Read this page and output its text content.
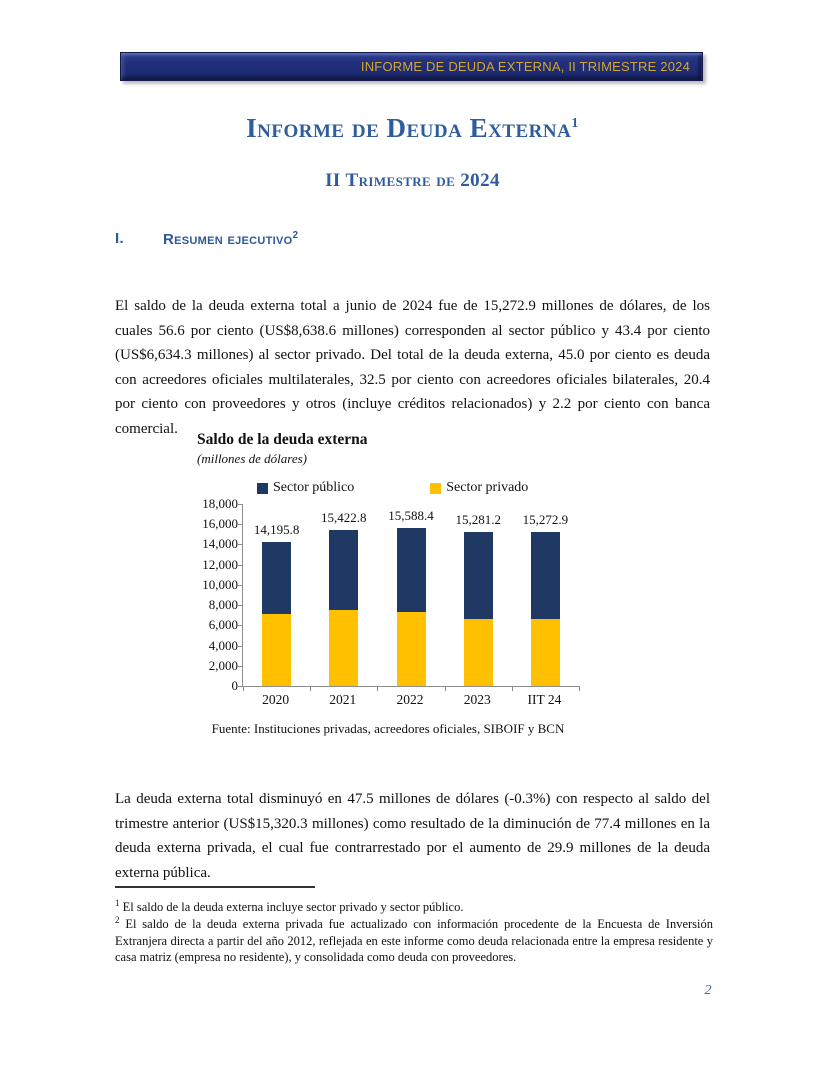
INFORME DE DEUDA EXTERNA, II TRIMESTRE 2024
Informe de Deuda Externa$^1$
II Trimestre de 2024
I.	Resumen ejecutivo$^2$

El saldo de la deuda externa total a junio de 2024 fue de 15,272.9 millones de dólares, de los cuales 56.6 por ciento (US$8,638.6 millones) corresponden al sector público y 43.4 por ciento (US$6,634.3 millones) al sector privado. Del total de la deuda externa, 45.0 por ciento es deuda con acreedores oficiales multilaterales, 32.5 por ciento con acreedores oficiales bilaterales, 20.4 por ciento con proveedores y otros (incluye créditos relacionados) y 2.2 por ciento con banca comercial.

Saldo de la deuda externa
(millones de dólares)
Sector público	Sector privado
18,000
16,000
14,000
12,000
10,000
8,000
6,000
4,000
2,000
0
14,195.8
15,422.8	15,588.4	15,281.2	15,272.9
2020	2021	2022	2023	IIT 24
Fuente: Instituciones privadas, acreedores oficiales, SIBOIF y BCN

La deuda externa total disminuyó en 47.5 millones de dólares (-0.3%) con respecto al saldo del trimestre anterior (US$15,320.3 millones) como resultado de la diminución de 77.4 millones en la deuda externa privada, el cual fue contrarrestado por el aumento de 29.9 millones de la deuda externa pública.

$^1$ El saldo de la deuda externa incluye sector privado y sector público.
$^2$ El saldo de la deuda externa privada fue actualizado con información procedente de la Encuesta de Inversión Extranjera directa a partir del año 2012, reflejada en este informe como deuda relacionada entre la empresa residente y casa matriz (empresa no residente), y consolidada como deuda con proveedores.
2
